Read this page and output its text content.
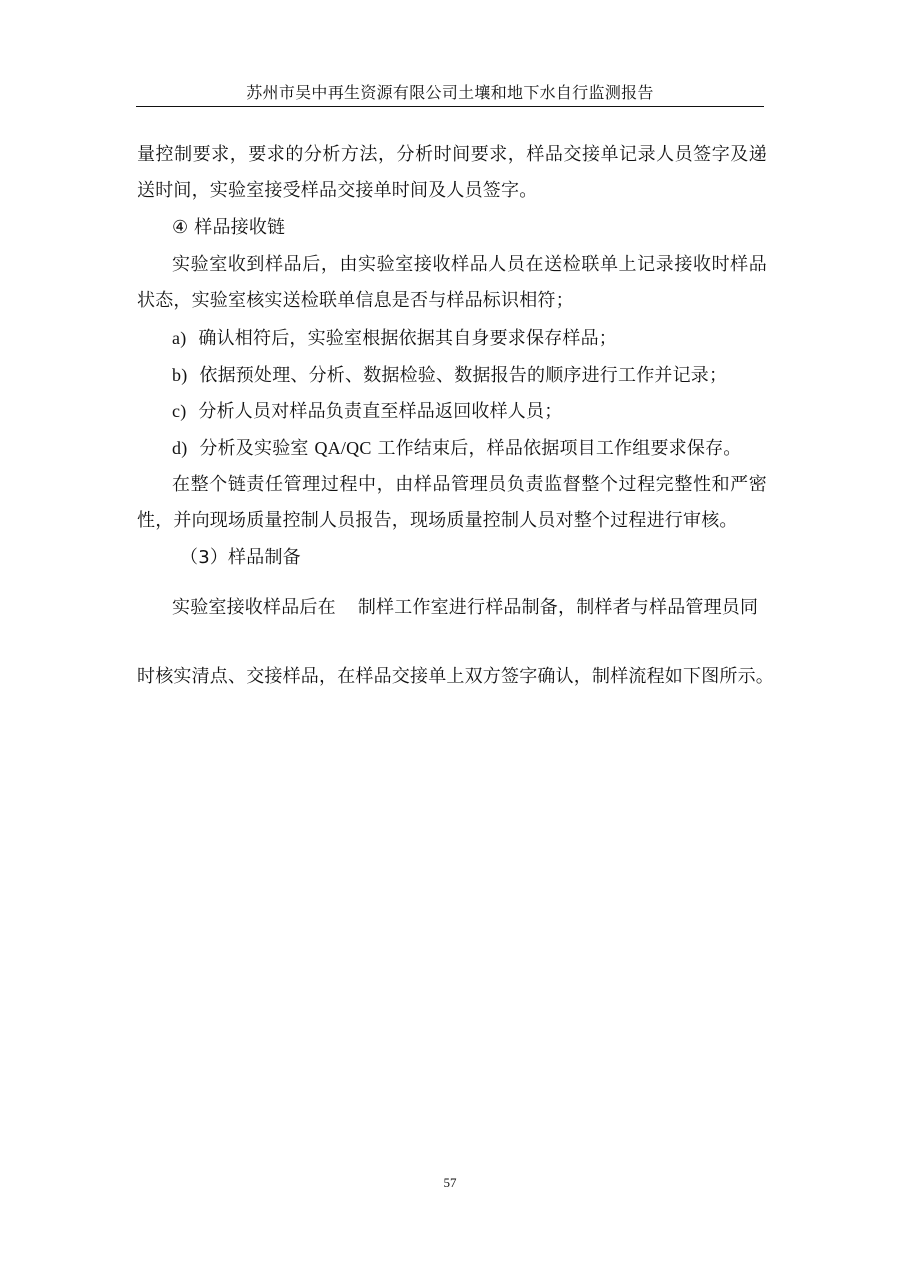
苏州市吴中再生资源有限公司土壤和地下水自行监测报告
量控制要求，要求的分析方法，分析时间要求，样品交接单记录人员签字及递
送时间，实验室接受样品交接单时间及人员签字。
④ 样品接收链
实验室收到样品后，由实验室接收样品人员在送检联单上记录接收时样品
状态，实验室核实送检联单信息是否与样品标识相符；
a) 确认相符后，实验室根据依据其自身要求保存样品；
b) 依据预处理、分析、数据检验、数据报告的顺序进行工作并记录；
c) 分析人员对样品负责直至样品返回收样人员；
d) 分析及实验室 QA/QC 工作结束后，样品依据项目工作组要求保存。
在整个链责任管理过程中，由样品管理员负责监督整个过程完整性和严密
性，并向现场质量控制人员报告，现场质量控制人员对整个过程进行审核。
（3）样品制备
实验室接收样品后在 制样工作室进行样品制备，制样者与样品管理员同
时核实清点、交接样品，在样品交接单上双方签字确认，制样流程如下图所示。
57
